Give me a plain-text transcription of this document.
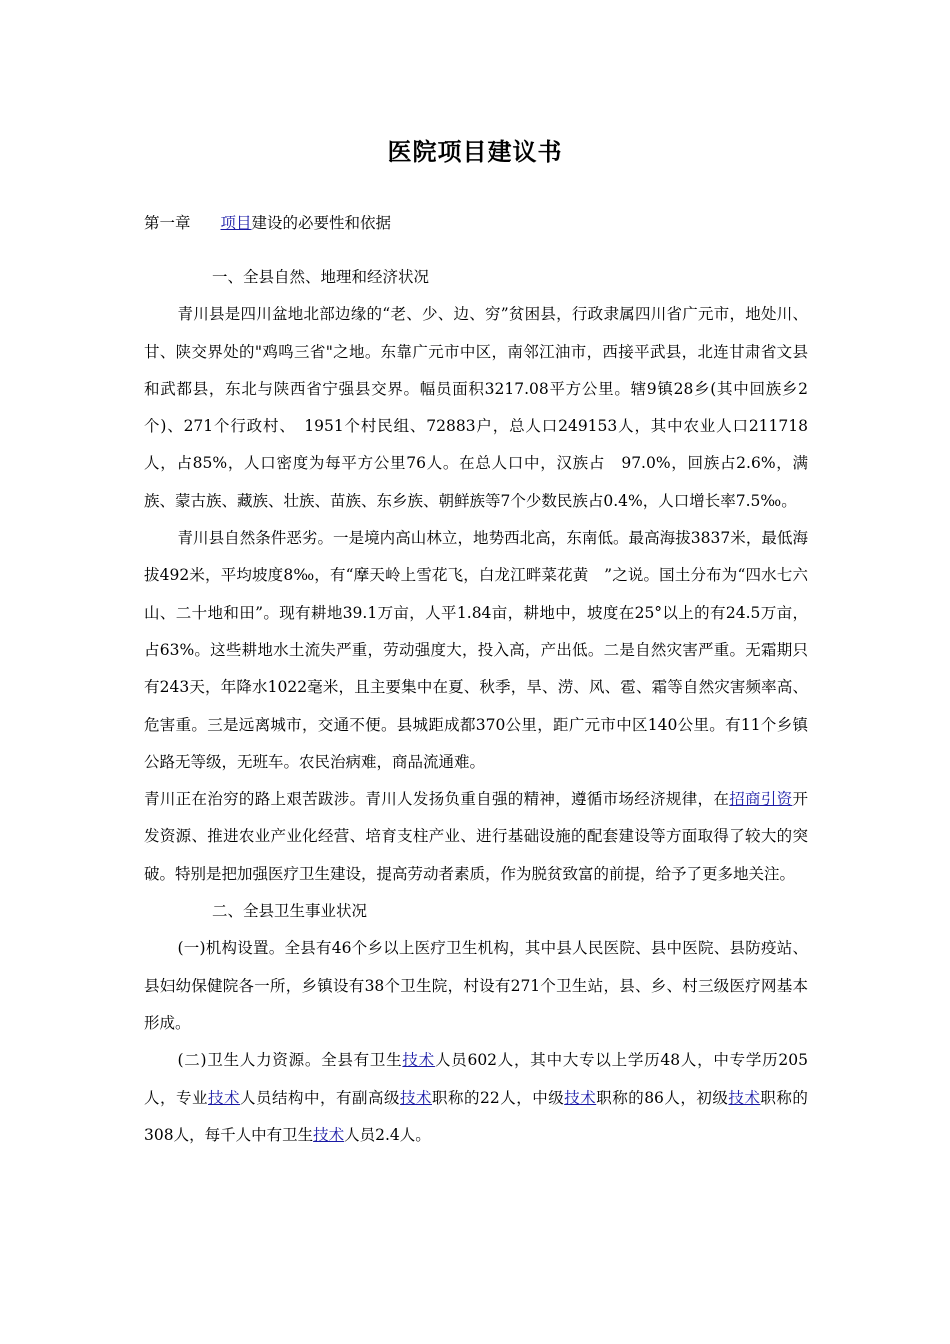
医院项目建议书

第一章 项目建设的必要性和依据

一、全县自然、地理和经济状况

青川县是四川盆地北部边缘的“老、少、边、穷”贫困县，行政隶属四川省广元市，地处川、甘、陕交界处的"鸡鸣三省"之地。东靠广元市中区，南邻江油市，西接平武县，北连甘肃省文县和武都县，东北与陕西省宁强县交界。幅员面积3217.08平方公里。辖9镇28乡(其中回族乡2个)、271个行政村、　1951个村民组、72883户，总人口249153人，其中农业人口211718人，占85%，人口密度为每平方公里76人。在总人口中，汉族占　97.0%，回族占2.6%，满族、蒙古族、藏族、壮族、苗族、东乡族、朝鲜族等7个少数民族占0.4%，人口增长率7.5‰。

青川县自然条件恶劣。一是境内高山林立，地势西北高，东南低。最高海拔3837米，最低海拔492米，平均坡度8‰，有“摩天岭上雪花飞，白龙江畔菜花黄　”之说。国土分布为“四水七六山、二十地和田”。现有耕地39.1万亩，人平1.84亩，耕地中，坡度在25°以上的有24.5万亩，占63%。这些耕地水土流失严重，劳动强度大，投入高，产出低。二是自然灾害严重。无霜期只有243天，年降水1022毫米，且主要集中在夏、秋季，旱、涝、风、雹、霜等自然灾害频率高、危害重。三是远离城市，交通不便。县城距成都370公里，距广元市中区140公里。有11个乡镇公路无等级，无班车。农民治病难，商品流通难。

青川正在治穷的路上艰苦跋涉。青川人发扬负重自强的精神，遵循市场经济规律，在招商引资开发资源、推进农业产业化经营、培育支柱产业、进行基础设施的配套建设等方面取得了较大的突破。特别是把加强医疗卫生建设，提高劳动者素质，作为脱贫致富的前提，给予了更多地关注。

二、全县卫生事业状况

(一)机构设置。全县有46个乡以上医疗卫生机构，其中县人民医院、县中医院、县防疫站、县妇幼保健院各一所，乡镇设有38个卫生院，村设有271个卫生站，县、乡、村三级医疗网基本形成。

(二)卫生人力资源。全县有卫生技术人员602人，其中大专以上学历48人，中专学历205人，专业技术人员结构中，有副高级技术职称的22人，中级技术职称的86人，初级技术职称的308人，每千人中有卫生技术人员2.4人。
